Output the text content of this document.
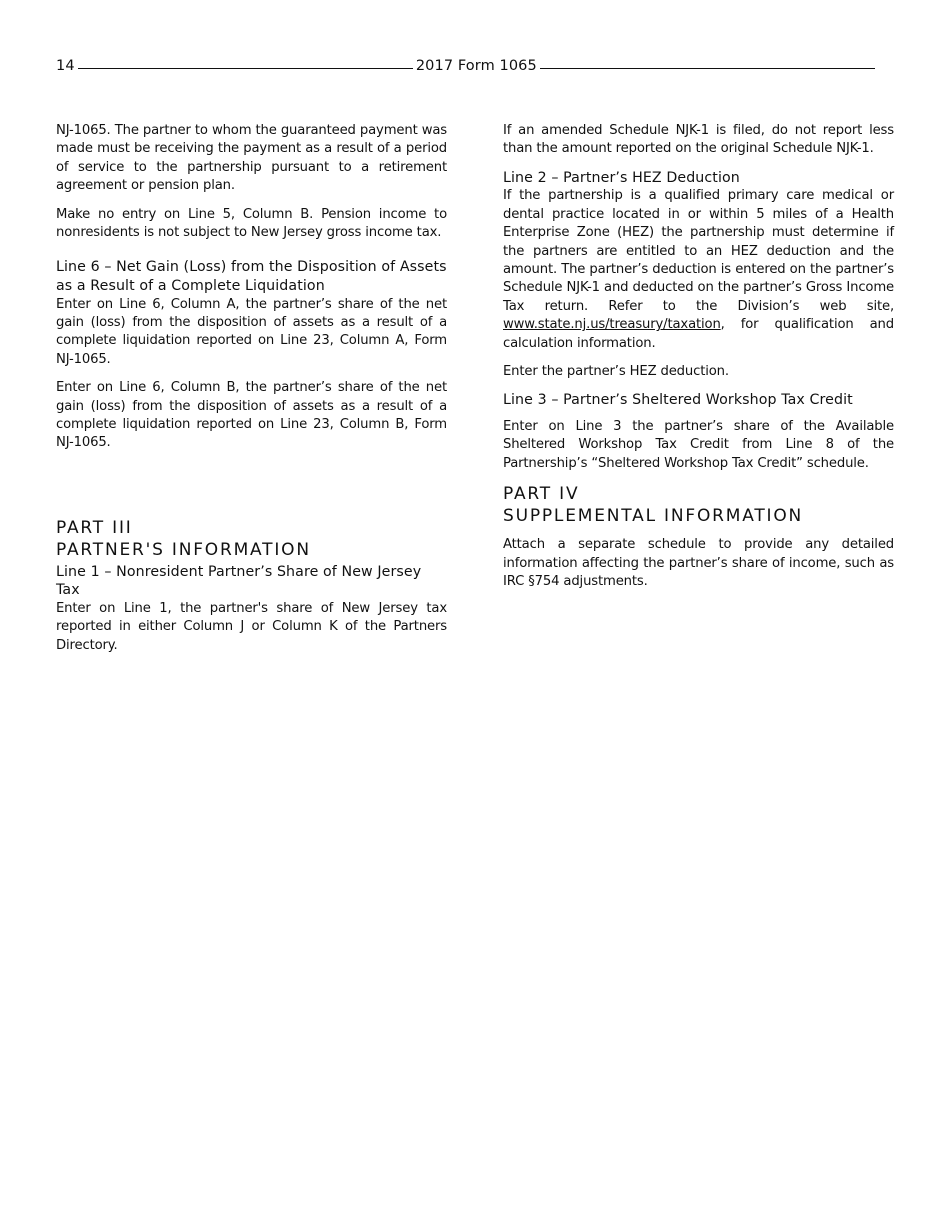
14	2017 Form 1065

NJ-1065. The partner to whom the guaranteed payment was made must be receiving the payment as a result of a period of service to the partnership pursuant to a retirement agreement or pension plan.

Make no entry on Line 5, Column B. Pension income to nonresidents is not subject to New Jersey gross income tax.

Line 6 – Net Gain (Loss) from the Disposition of Assets as a Result of a Complete Liquidation

Enter on Line 6, Column A, the partner’s share of the net gain (loss) from the disposition of assets as a result of a complete liquidation reported on Line 23, Column A, Form NJ-1065.

Enter on Line 6, Column B, the partner’s share of the net gain (loss) from the disposition of assets as a result of a complete liquidation reported on Line 23, Column B, Form NJ-1065.

PART III
PARTNER'S INFORMATION
Line 1 – Nonresident Partner’s Share of New Jersey Tax

Enter on Line 1, the partner's share of New Jersey tax reported in either Column J or Column K of the Partners Directory.

If an amended Schedule NJK-1 is filed, do not report less than the amount reported on the original Schedule NJK-1.

Line 2 – Partner’s HEZ Deduction

If the partnership is a qualified primary care medical or dental practice located in or within 5 miles of a Health Enterprise Zone (HEZ) the partnership must determine if the partners are entitled to an HEZ deduction and the amount. The partner’s deduction is entered on the partner’s Schedule NJK-1 and deducted on the partner’s Gross Income Tax return. Refer to the Division’s web site, www.state.nj.us/treasury/taxation, for qualification and calculation information.

Enter the partner’s HEZ deduction.

Line 3 – Partner’s Sheltered Workshop Tax Credit

Enter on Line 3 the partner’s share of the Available Sheltered Workshop Tax Credit from Line 8 of the Partnership’s “Sheltered Workshop Tax Credit” schedule.

PART IV
SUPPLEMENTAL INFORMATION

Attach a separate schedule to provide any detailed information affecting the partner’s share of income, such as IRC §754 adjustments.
